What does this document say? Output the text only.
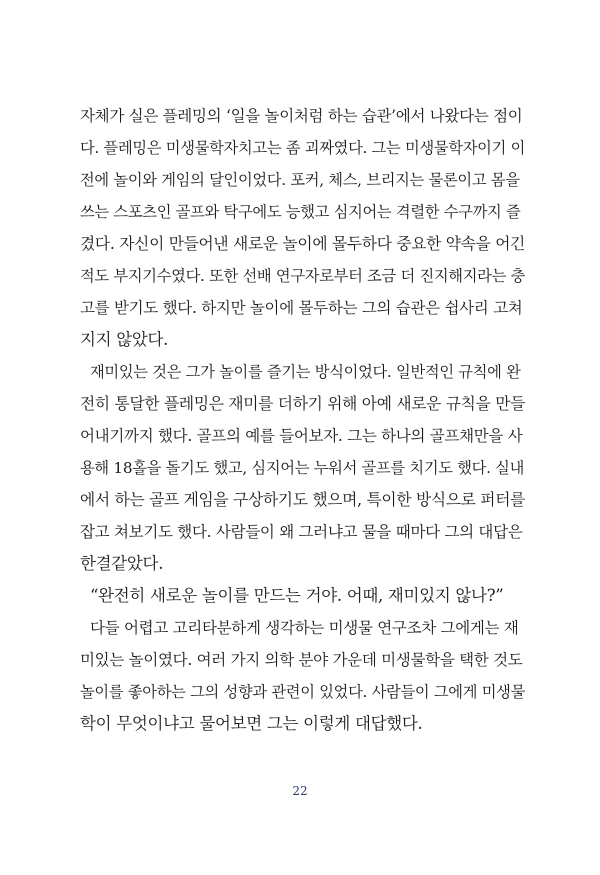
자체가 실은 플레밍의 ‘일을 놀이처럼 하는 습관’에서 나왔다는 점이
다. 플레밍은 미생물학자치고는 좀 괴짜였다. 그는 미생물학자이기 이
전에 놀이와 게임의 달인이었다. 포커, 체스, 브리지는 물론이고 몸을
쓰는 스포츠인 골프와 탁구에도 능했고 심지어는 격렬한 수구까지 즐
겼다. 자신이 만들어낸 새로운 놀이에 몰두하다 중요한 약속을 어긴
적도 부지기수였다. 또한 선배 연구자로부터 조금 더 진지해지라는 충
고를 받기도 했다. 하지만 놀이에 몰두하는 그의 습관은 쉽사리 고쳐
지지 않았다.
재미있는 것은 그가 놀이를 즐기는 방식이었다. 일반적인 규칙에 완
전히 통달한 플레밍은 재미를 더하기 위해 아예 새로운 규칙을 만들
어내기까지 했다. 골프의 예를 들어보자. 그는 하나의 골프채만을 사
용해 18홀을 돌기도 했고, 심지어는 누워서 골프를 치기도 했다. 실내
에서 하는 골프 게임을 구상하기도 했으며, 특이한 방식으로 퍼터를
잡고 쳐보기도 했다. 사람들이 왜 그러냐고 물을 때마다 그의 대답은
한결같았다.
“완전히 새로운 놀이를 만드는 거야. 어때, 재미있지 않나?”
다들 어렵고 고리타분하게 생각하는 미생물 연구조차 그에게는 재
미있는 놀이였다. 여러 가지 의학 분야 가운데 미생물학을 택한 것도
놀이를 좋아하는 그의 성향과 관련이 있었다. 사람들이 그에게 미생물
학이 무엇이냐고 물어보면 그는 이렇게 대답했다.
22
